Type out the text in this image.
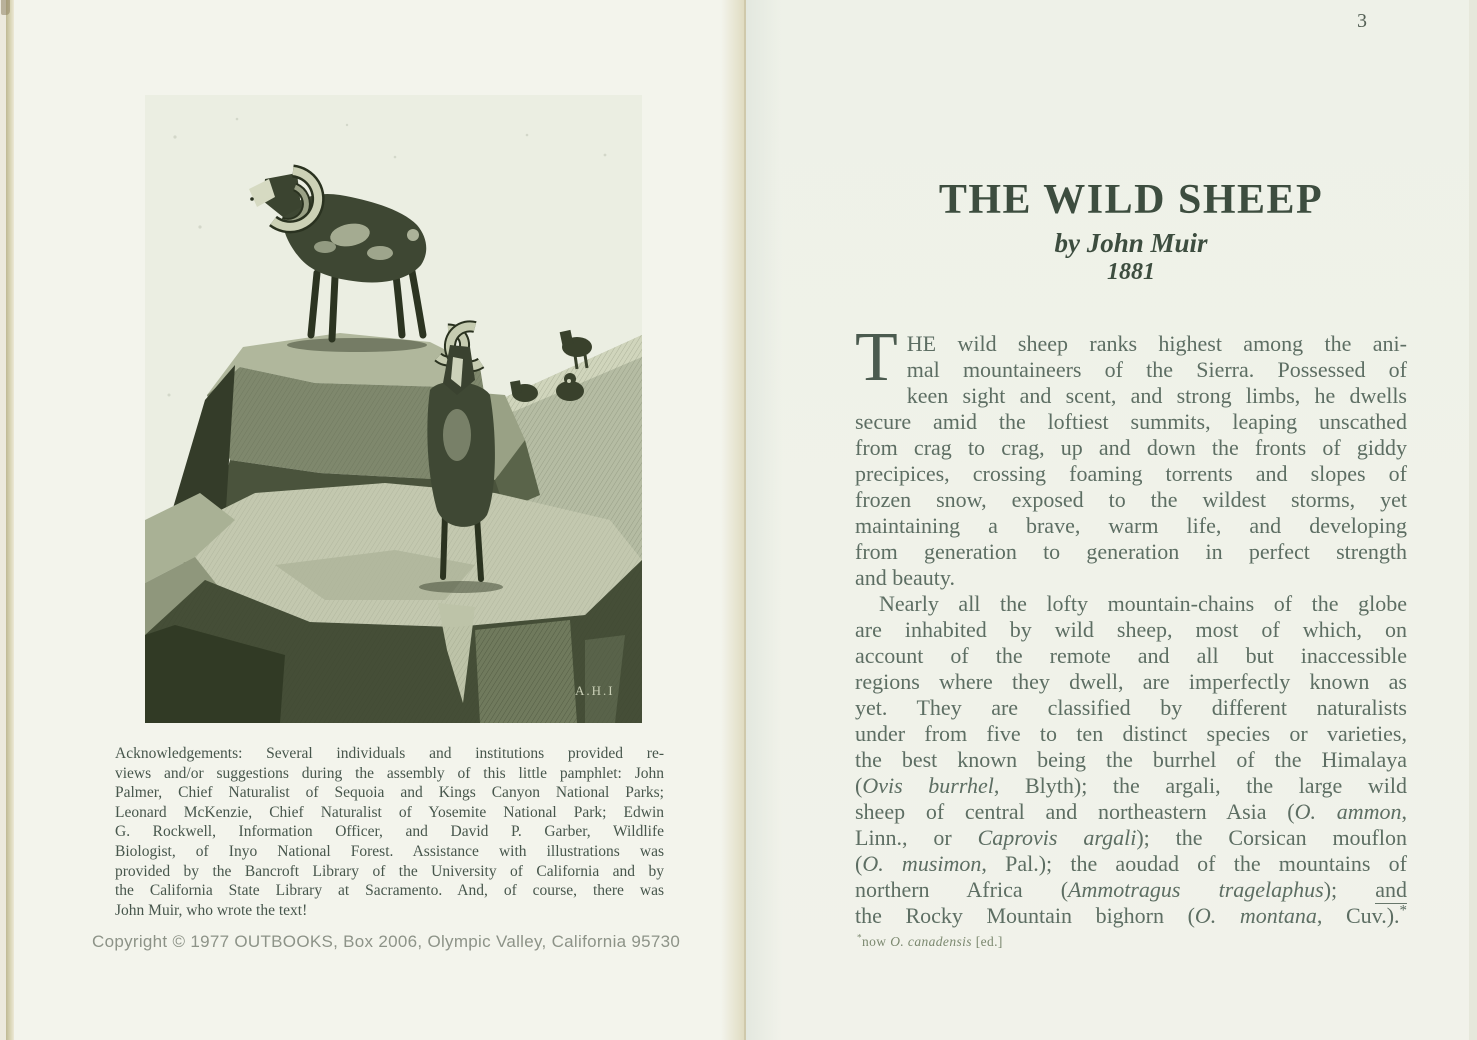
A.H.I
Acknowledgements: Several individuals and institutions provided re-
views and/or suggestions during the assembly of this little pamphlet: John
Palmer, Chief Naturalist of Sequoia and Kings Canyon National Parks;
Leonard McKenzie, Chief Naturalist of Yosemite National Park; Edwin
G. Rockwell, Information Officer, and David P. Garber, Wildlife
Biologist, of Inyo National Forest. Assistance with illustrations was
provided by the Bancroft Library of the University of California and by
the California State Library at Sacramento. And, of course, there was
John Muir, who wrote the text!
Copyright © 1977 OUTBOOKS, Box 2006, Olympic Valley, California 95730
3
THE WILD SHEEP
by John Muir
1881
T HE wild sheep ranks highest among the ani-
mal mountaineers of the Sierra. Possessed of
keen sight and scent, and strong limbs, he dwells
secure amid the loftiest summits, leaping unscathed
from crag to crag, up and down the fronts of giddy
precipices, crossing foaming torrents and slopes of
frozen snow, exposed to the wildest storms, yet
maintaining a brave, warm life, and developing
from generation to generation in perfect strength
and beauty.
Nearly all the lofty mountain-chains of the globe
are inhabited by wild sheep, most of which, on
account of the remote and all but inaccessible
regions where they dwell, are imperfectly known as
yet. They are classified by different naturalists
under from five to ten distinct species or varieties,
the best known being the burrhel of the Himalaya
(Ovis burrhel, Blyth); the argali, the large wild
sheep of central and northeastern Asia (O. ammon,
Linn., or Caprovis argali); the Corsican mouflon
(O. musimon, Pal.); the aoudad of the mountains of
northern Africa (Ammotragus tragelaphus); and
the Rocky Mountain bighorn (O. montana, Cuv.).*
*now O. canadensis [ed.]
